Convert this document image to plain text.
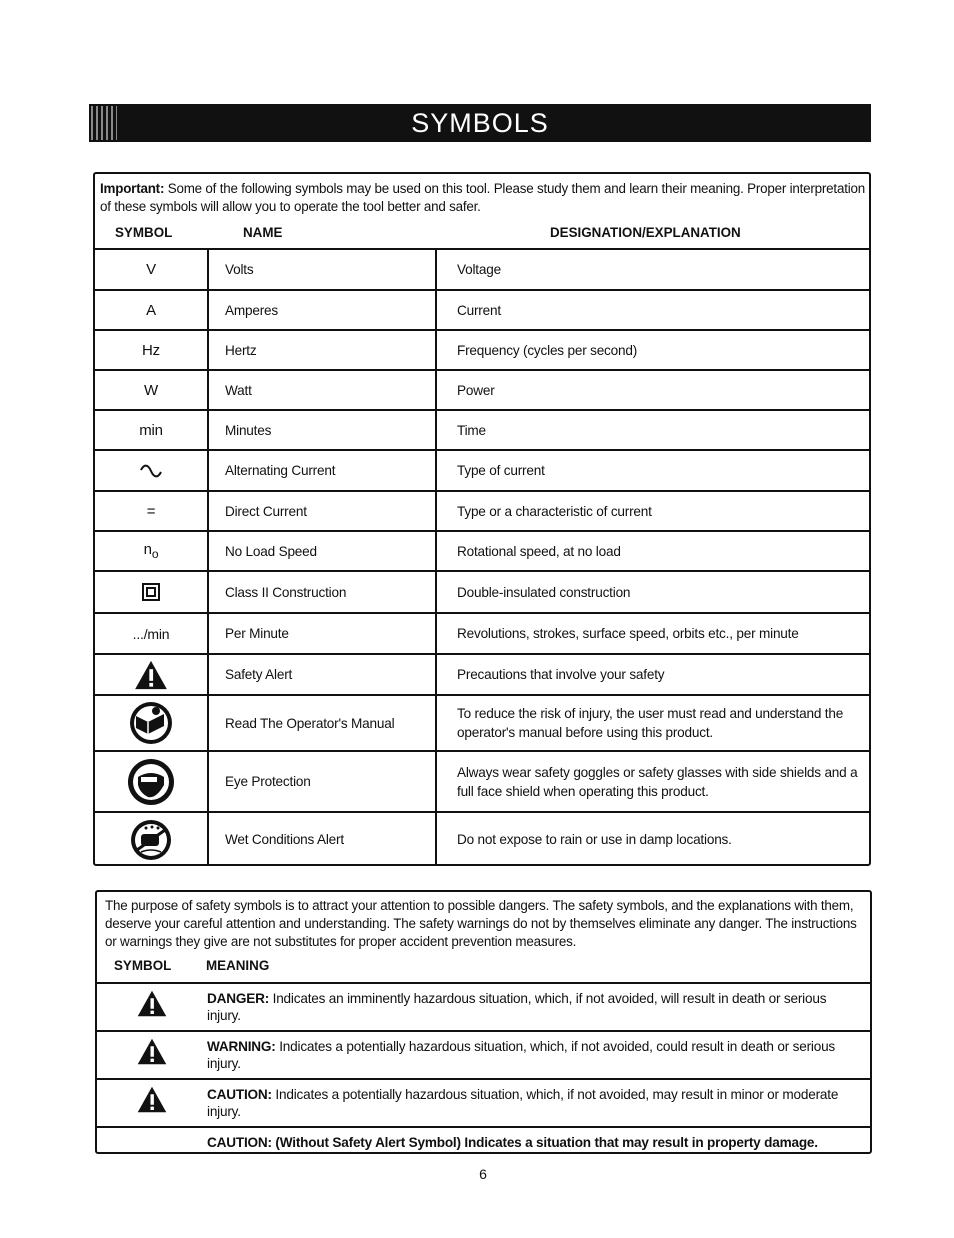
SYMBOLS
Important: Some of the following symbols may be used on this tool. Please study them and learn their meaning. Proper interpretation of these symbols will allow you to operate the tool better and safer.
SYMBOL	NAME	DESIGNATION/EXPLANATION
V	Volts	Voltage
A	Amperes	Current
Hz	Hertz	Frequency (cycles per second)
W	Watt	Power
min	Minutes	Time
	Alternating Current	Type of current
=	Direct Current	Type or a characteristic of current
$n_o$	No Load Speed	Rotational speed, at no load
	Class II Construction	Double-insulated construction
.../min	Per Minute	Revolutions, strokes, surface speed, orbits etc., per minute
	Safety Alert	Precautions that involve your safety
	Read The Operator's Manual	To reduce the risk of injury, the user must read and understand the operator's manual before using this product.
	Eye Protection	Always wear safety goggles or safety glasses with side shields and a full face shield when operating this product.
	Wet Conditions Alert	Do not expose to rain or use in damp locations.
The purpose of safety symbols is to attract your attention to possible dangers. The safety symbols, and the explanations with them, deserve your careful attention and understanding. The safety warnings do not by themselves eliminate any danger. The instructions or warnings they give are not substitutes for proper accident prevention measures.
SYMBOL	MEANING
	DANGER: Indicates an imminently hazardous situation, which, if not avoided, will result in death or serious injury.
	WARNING: Indicates a potentially hazardous situation, which, if not avoided, could result in death or serious injury.
	CAUTION: Indicates a potentially hazardous situation, which, if not avoided, may result in minor or moderate injury.
	CAUTION: (Without Safety Alert Symbol) Indicates a situation that may result in property damage.
6
